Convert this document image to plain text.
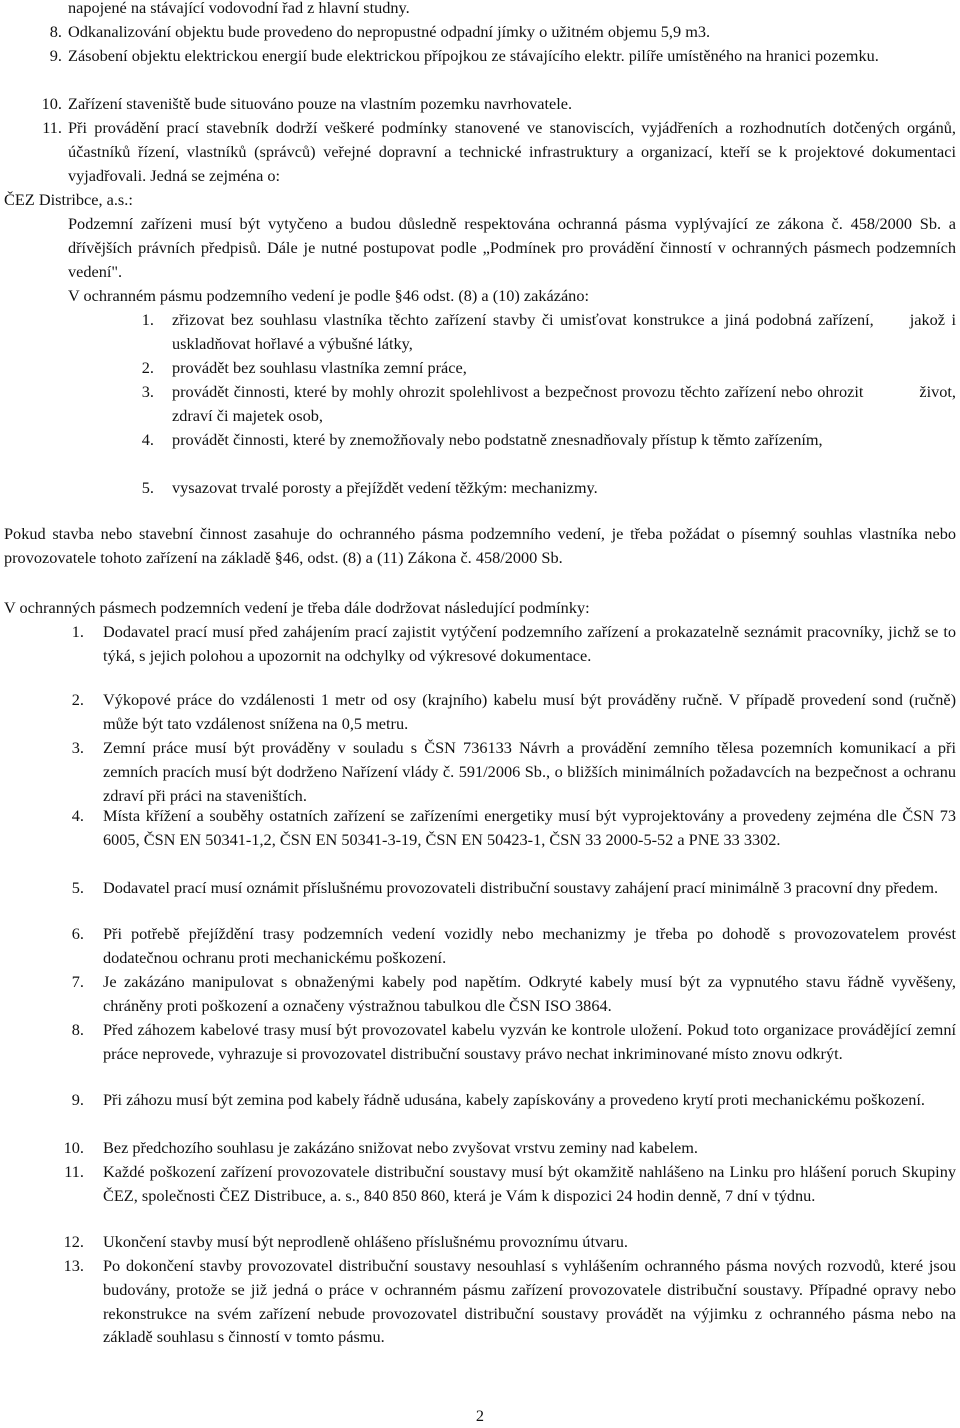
napojené na stávající vodovodní řad z hlavní studny.

8. Odkanalizování objektu bude provedeno do nepropustné odpadní jímky o užitném objemu 5,9 m3.

9. Zásobení objektu elektrickou energií bude elektrickou přípojkou ze stávajícího elektr. pilíře umístěného na hranici pozemku.

10. Zařízení staveniště bude situováno pouze na vlastním pozemku navrhovatele.

11. Při provádění prací stavebník dodrží veškeré podmínky stanovené ve stanoviscích, vyjádřeních a rozhodnutích dotčených orgánů, účastníků řízení, vlastníků (správců) veřejné dopravní a technické infrastruktury a organizací, kteří se k projektové dokumentaci vyjadřovali. Jedná se zejména o:

ČEZ Distribce, a.s.:

Podzemní zařízeni musí být vytyčeno a budou důsledně respektována ochranná pásma vyplývající ze zákona č. 458/2000 Sb. a dřívějších právních předpisů. Dále je nutné postupovat podle „Podmínek pro provádění činností v ochranných pásmech podzemních vedení".

V ochranném pásmu podzemního vedení je podle §46 odst. (8) a (10) zakázáno:

1. zřizovat bez souhlasu vlastníka těchto zařízení stavby či umisťovat konstrukce a jiná podobná zařízení, jakož i uskladňovat hořlavé a výbušné látky,

2. provádět bez souhlasu vlastníka zemní práce,

3. provádět činnosti, které by mohly ohrozit spolehlivost a bezpečnost provozu těchto zařízení nebo ohrozit	život, zdraví či majetek osob,

4. provádět činnosti, které by znemožňovaly nebo podstatně znesnadňovaly přístup k těmto zařízením,

5. vysazovat trvalé porosty a přejíždět vedení těžkým: mechanizmy.

Pokud stavba nebo stavební činnost zasahuje do ochranného pásma podzemního vedení, je třeba požádat o písemný souhlas vlastníka nebo provozovatele tohoto zařízení na základě §46, odst. (8) a (11) Zákona č. 458/2000 Sb.

V ochranných pásmech podzemních vedení je třeba dále dodržovat následující podmínky:

1. Dodavatel prací musí před zahájením prací zajistit vytýčení podzemního zařízení a prokazatelně seznámit pracovníky, jichž se to týká, s jejich polohou a upozornit na odchylky od výkresové dokumentace.

2. Výkopové práce do vzdálenosti 1 metr od osy (krajního) kabelu musí být prováděny ručně. V případě provedení sond (ručně) může být tato vzdálenost snížena na 0,5 metru.

3. Zemní práce musí být prováděny v souladu s ČSN 736133 Návrh a provádění zemního tělesa pozemních komunikací a při zemních pracích musí být dodrženo Nařízení vlády č. 591/2006 Sb., o bližších minimálních požadavcích na bezpečnost a ochranu zdraví při práci na staveništích.

4. Místa křížení a souběhy ostatních zařízení se zařízeními energetiky musí být vyprojektovány a provedeny zejména dle ČSN 73 6005, ČSN EN 50341-1,2, ČSN EN 50341-3-19, ČSN EN 50423-1, ČSN 33 2000-5-52 a PNE 33 3302.

5. Dodavatel prací musí oznámit příslušnému provozovateli distribuční soustavy zahájení prací minimálně 3 pracovní dny předem.

6. Při potřebě přejíždění trasy podzemních vedení vozidly nebo mechanizmy je třeba po dohodě s provozovatelem provést dodatečnou ochranu proti mechanickému poškození.

7. Je zakázáno manipulovat s obnaženými kabely pod napětím. Odkryté kabely musí být za vypnutého stavu řádně vyvěšeny, chráněny proti poškození a označeny výstražnou tabulkou dle ČSN ISO 3864.

8. Před záhozem kabelové trasy musí být provozovatel kabelu vyzván ke kontrole uložení. Pokud toto organizace provádějící zemní práce neprovede, vyhrazuje si provozovatel distribuční soustavy právo nechat inkriminované místo znovu odkrýt.

9. Při záhozu musí být zemina pod kabely řádně udusána, kabely zapískovány a provedeno krytí proti mechanickému poškození.

10. Bez předchozího souhlasu je zakázáno snižovat nebo zvyšovat vrstvu zeminy nad kabelem.

11. Každé poškození zařízení provozovatele distribuční soustavy musí být okamžitě nahlášeno na Linku pro hlášení poruch Skupiny ČEZ, společnosti ČEZ Distribuce, a. s., 840 850 860, která je Vám k dispozici 24 hodin denně, 7 dní v týdnu.

12. Ukončení stavby musí být neprodleně ohlášeno příslušnému provoznímu útvaru.

13. Po dokončení stavby provozovatel distribuční soustavy nesouhlasí s vyhlášením ochranného pásma nových rozvodů, které jsou budovány, protože se již jedná o práce v ochranném pásmu zařízení provozovatele distribuční soustavy. Případné opravy nebo rekonstrukce na svém zařízení nebude provozovatel distribuční soustavy provádět na výjimku z ochranného pásma nebo na základě souhlasu s činností v tomto pásmu.

2
